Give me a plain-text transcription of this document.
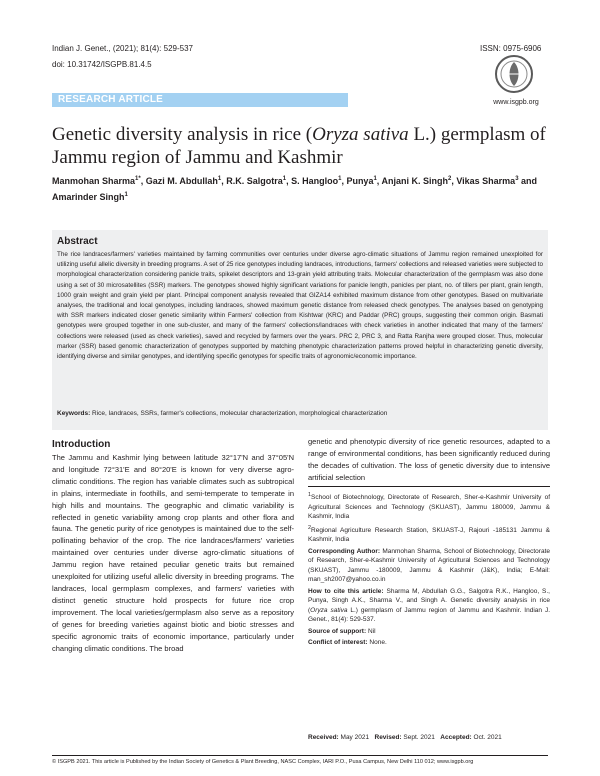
Indian J. Genet., (2021); 81(4): 529-537
doi: 10.31742/ISGPB.81.4.5
ISSN: 0975-6906
www.isgpb.org
RESEARCH ARTICLE
Genetic diversity analysis in rice (Oryza sativa L.) germplasm of Jammu region of Jammu and Kashmir
Manmohan Sharma$^{1*}$, Gazi M. Abdullah$^1$, R.K. Salgotra$^1$, S. Hangloo$^1$, Punya$^1$, Anjani K. Singh$^2$, Vikas Sharma$^3$ and Amarinder Singh$^1$
Abstract
The rice landraces/farmers' varieties maintained by farming communities over centuries under diverse agro-climatic situations of Jammu region remained unexploited for utilizing useful allelic diversity in breeding programs. A set of 25 rice genotypes including landraces, introductions, farmers' collections and released varieties were subjected to morphological characterization considering panicle traits, spikelet descriptors and 13-grain yield attributing traits. Molecular characterization of the germplasm was also done using a set of 30 microsatellites (SSR) markers. The genotypes showed highly significant variations for panicle length, panicles per plant, no. of tillers per plant, grain length, 1000 grain weight and grain yield per plant. Principal component analysis revealed that GIZA14 exhibited maximum distance from other genotypes. Based on multivariate analyses, the traditional and local genotypes, including landraces, showed maximum genetic distance from released check genotypes. The analyses based on genotyping with SSR markers indicated closer genetic similarity within Farmers' collection from Kishtwar (KRC) and Paddar (PRC) groups, suggesting their common origin. Basmati genotypes were grouped together in one sub-cluster, and many of the farmers' collections/landraces with check varieties in another indicated that many of the farmers' collections were released (used as check varieties), saved and recycled by farmers over the years. PRC 2, PRC 3, and Ratta Ranjha were grouped closer. Thus, molecular marker (SSR) based genomic characterization of genotypes supported by matching phenotypic characterization patterns proved helpful in characterizing genetic diversity, identifying diverse and similar genotypes, and identifying specific genotypes for specific traits of agronomic/economic importance.
Keywords: Rice, landraces, SSRs, farmer's collections, molecular characterization, morphological characterization
Introduction
The Jammu and Kashmir lying between latitude 32°17'N and 37°05'N and longitude 72°31'E and 80°20'E is known for very diverse agro-climatic conditions. The region has variable climates such as subtropical in plains, intermediate in foothills, and semi-temperate to temperate in high hills and mountains. The geographic and climatic variability is reflected in genetic variability among crop plants and other flora and fauna. The genetic purity of rice genotypes is maintained due to the self-pollinating behavior of the crop. The rice landraces/farmers' varieties maintained over centuries under diverse agro-climatic situations of Jammu region have retained peculiar genetic traits but remained unexploited for utilizing useful allelic diversity in breeding programs. The landraces, local germplasm complexes, and farmers' varieties with distinct genetic structure hold prospects for future rice crop improvement. The local varieties/germplasm also serve as a repository of genes for breeding varieties against biotic and biotic stresses and specific agronomic traits of economic importance, particularly under changing climatic conditions. The broad
genetic and phenotypic diversity of rice genetic resources, adapted to a range of environmental conditions, has been significantly reduced during the decades of cultivation. The loss of genetic diversity due to intensive artificial selection

$^1$School of Biotechnology, Directorate of Research, Sher-e-Kashmir University of Agricultural Sciences and Technology (SKUAST), Jammu 180009, Jammu & Kashmir, India

$^2$Regional Agriculture Research Station, SKUAST-J, Rajouri -185131 Jammu & Kashmir, India

Corresponding Author: Manmohan Sharma, School of Biotechnology, Directorate of Research, Sher-e-Kashmir University of Agricultural Sciences and Technology (SKUAST), Jammu -180009, Jammu & Kashmir (J&K), India; E-Mail: man_sh2007@yahoo.co.in

How to cite this article: Sharma M, Abdullah G.G., Salgotra R.K., Hangloo, S., Punya, Singh A.K., Sharma V., and Singh A. Genetic diversity analysis in rice (Oryza sativa L.) germplasm of Jammu region of Jammu and Kashmir. Indian J. Genet., 81(4): 529-537.

Source of support: Nil

Conflict of interest: None.

Received: May 2021 Revised: Sept. 2021 Accepted: Oct. 2021
© ISGPB 2021. This article is Published by the Indian Society of Genetics & Plant Breeding, NASC Complex, IARI P.O., Pusa Campus, New Delhi 110 012; www.isgpb.org
